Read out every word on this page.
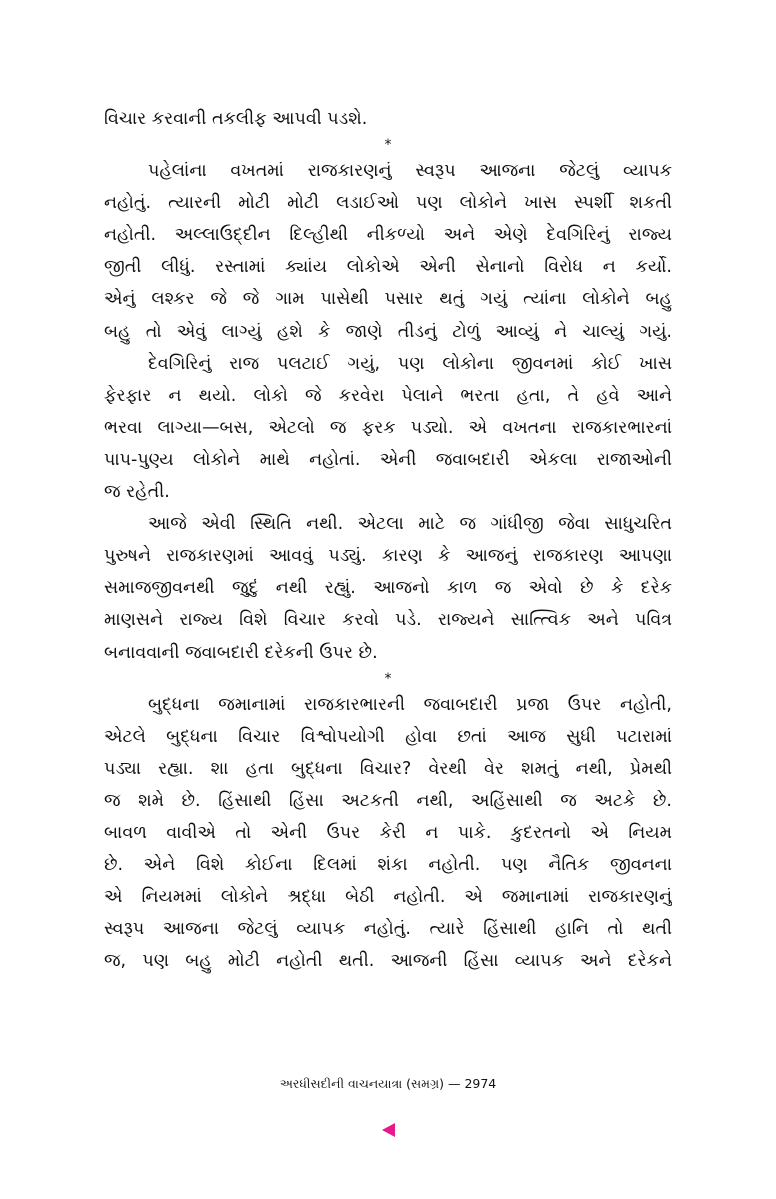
વિચાર કરવાની તકલીફ આપવી પડશે.
*
પહેલાંના વખતમાં રાજકારણનું સ્વરૂપ આજના જેટલું વ્યાપક
નહોતું. ત્યારની મોટી મોટી લડાઈઓ પણ લોકોને ખાસ સ્પર્શી શકતી
નહોતી. અલ્લાઉદ્દીન દિલ્હીથી નીકળ્યો અને એણે દેવગિરિનું રાજ્ય
જીતી લીધું. રસ્તામાં ક્યાંય લોકોએ એની સેનાનો વિરોધ ન કર્યો.
એનું લશ્કર જે જે ગામ પાસેથી પસાર થતું ગયું ત્યાંના લોકોને બહુ
બહુ તો એવું લાગ્યું હશે કે જાણે તીડનું ટોળું આવ્યું ને ચાલ્યું ગયું.
દેવગિરિનું રાજ પલટાઈ ગયું, પણ લોકોના જીવનમાં કોઈ ખાસ
ફેરફાર ન થયો. લોકો જે કરવેરા પેલાને ભરતા હતા, તે હવે આને
ભરવા લાગ્યા—બસ, એટલો જ ફરક પડ્યો. એ વખતના રાજકારભારનાં
પાપ-પુણ્ય લોકોને માથે નહોતાં. એની જવાબદારી એકલા રાજાઓની
જ રહેતી.
આજે એવી સ્થિતિ નથી. એટલા માટે જ ગાંધીજી જેવા સાધુચરિત
પુરુષને રાજકારણમાં આવવું પડ્યું. કારણ કે આજનું રાજકારણ આપણા
સમાજજીવનથી જુદું નથી રહ્યું. આજનો કાળ જ એવો છે કે દરેક
માણસને રાજ્ય વિશે વિચાર કરવો પડે. રાજ્યને સાત્ત્વિક અને પવિત્ર
બનાવવાની જવાબદારી દરેકની ઉપર છે.
*
બુદ્ધના જમાનામાં રાજકારભારની જવાબદારી પ્રજા ઉપર નહોતી,
એટલે બુદ્ધના વિચાર વિશ્વોપયોગી હોવા છતાં આજ સુધી પટારામાં
પડ્યા રહ્યા. શા હતા બુદ્ધના વિચાર? વેરથી વેર શમતું નથી, પ્રેમથી
જ શમે છે. હિંસાથી હિંસા અટકતી નથી, અહિંસાથી જ અટકે છે.
બાવળ વાવીએ તો એની ઉપર કેરી ન પાકે. કુદરતનો એ નિયમ
છે. એને વિશે કોઈના દિલમાં શંકા નહોતી. પણ નૈતિક જીવનના
એ નિયમમાં લોકોને શ્રદ્ધા બેઠી નહોતી. એ જમાનામાં રાજકારણનું
સ્વરૂપ આજના જેટલું વ્યાપક નહોતું. ત્યારે હિંસાથી હાનિ તો થતી
જ, પણ બહુ મોટી નહોતી થતી. આજની હિંસા વ્યાપક અને દરેકને
અરધીસદીની વાચનયાત્રા (સમગ્ર) — 2974
